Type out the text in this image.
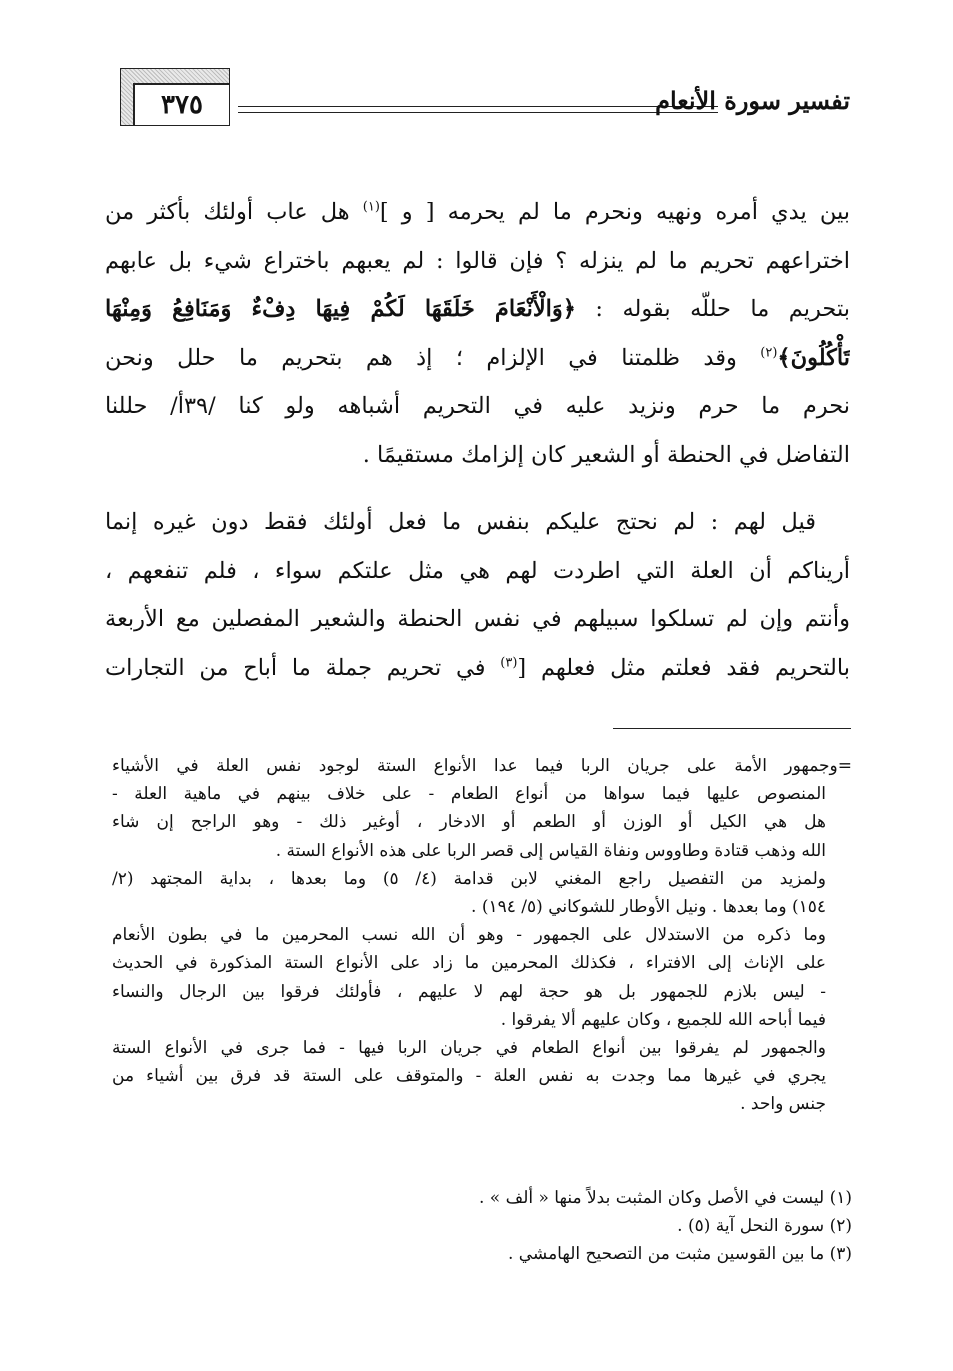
٣٧٥	تفسير سورة الأنعام
بين يدي أمره ونهيه ونحرم ما لم يحرمه [ و ]$^{(١)}$ هل عاب أولئك بأكثر من
اختراعهم تحريم ما لم ينزله ؟ فإن قالوا : لم يعبهم باختراع شيء بل عابهم
بتحريم ما حللّه بقوله : ﴿وَالْأَنْعَامَ خَلَقَهَا لَكُمْ فِيهَا دِفْءٌ وَمَنَافِعُ وَمِنْهَا
تَأْكُلُونَ﴾$^{(٢)}$ وقد ظلمتنا في الإلزام ؛ إذ هم بتحريم ما حلل ونحن
نحرم ما حرم ونزيد عليه في التحريم أشباهه ولو كنا /٣٩أ/ حللنا
التفاضل في الحنطة أو الشعير كان إلزامك مستقيمًا .
قيل لهم : لم نحتج عليكم بنفس ما فعل أولئك فقط دون غيره إنما
أريناكم أن العلة التي اطردت لهم هي مثل علتكم سواء ، فلم تنفعهم ،
وأنتم وإن لم تسلكوا سبيلهم في نفس الحنطة والشعير المفصلين مع الأربعة
بالتحريم فقد فعلتم مثل فعلهم [$^{(٣)}$ في تحريم جملة ما أباح من التجارات
=وجمهور الأمة على جريان الربا فيما عدا الأنواع الستة لوجود نفس العلة في الأشياء
المنصوص عليها فيما سواها من أنواع الطعام - على خلاف بينهم في ماهية العلة -
هل هي الكيل أو الوزن أو الطعم أو الادخار ، أوغير ذلك - وهو الراجح إن شاء
الله وذهب قتادة وطاووس ونفاة القياس إلى قصر الربا على هذه الأنواع الستة .
ولمزيد من التفصيل راجع المغني لابن قدامة (٤/ ٥) وما بعدها ، بداية المجتهد (٢/
١٥٤) وما بعدها . ونيل الأوطار للشوكاني (٥/ ١٩٤) .
وما ذكره من الاستدلال على الجمهور - وهو أن الله نسب المحرمين ما في بطون الأنعام
على الإناث إلى الافتراء ، فكذلك المحرمين ما زاد على الأنواع الستة المذكورة في الحديث
- ليس بلازم للجمهور بل هو حجة لهم لا عليهم ، فأولئك فرقوا بين الرجال والنساء
فيما أباحه الله للجميع ، وكان عليهم ألا يفرقوا .
والجمهور لم يفرقوا بين أنواع الطعام في جريان الربا فيها - فما جرى في الأنواع الستة
يجري في غيرها مما وجدت به نفس العلة - والمتوقف على الستة قد فرق بين أشياء من
جنس واحد .
(١) ليست في الأصل وكان المثبت بدلاً منها « ألف » .
(٢) سورة النحل آية (٥) .
(٣) ما بين القوسين مثبت من التصحيح الهامشي .
